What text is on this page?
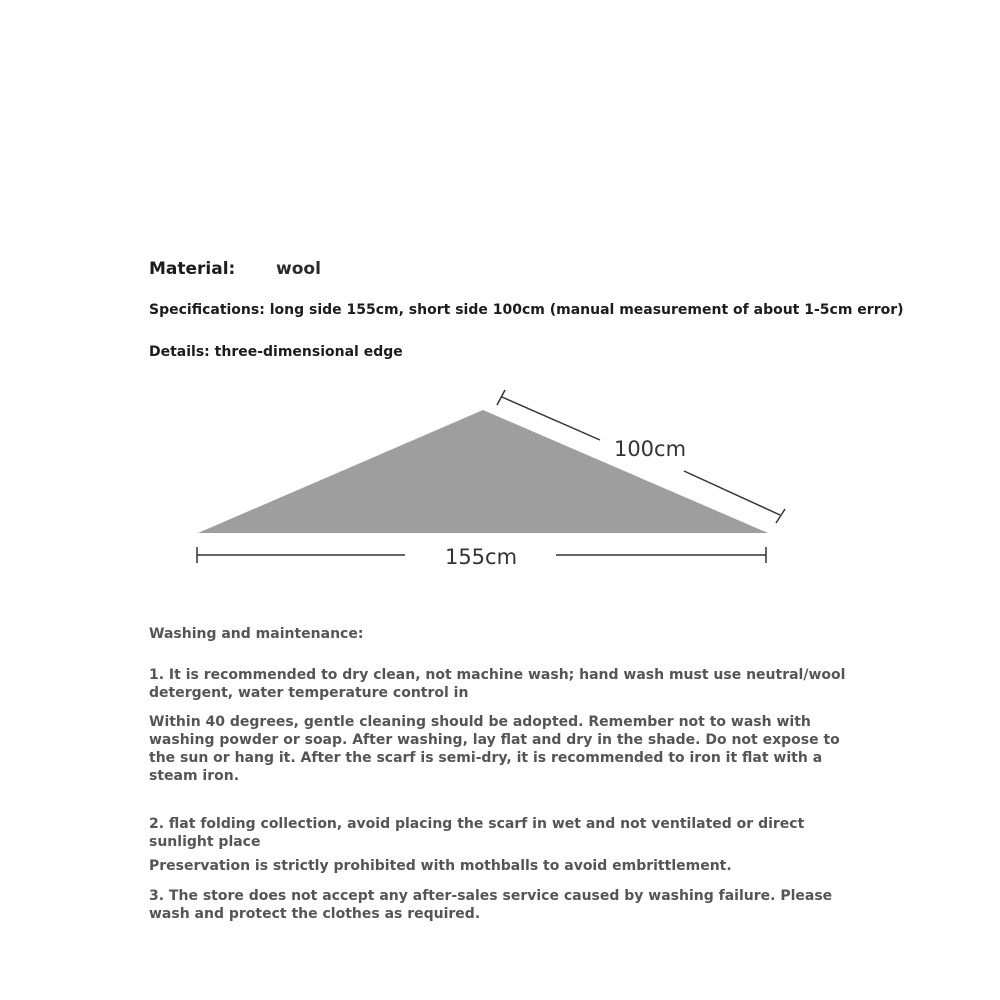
Material: wool
Specifications: long side 155cm, short side 100cm (manual measurement of about 1-5cm error)
Details: three-dimensional edge
155cm
100cm
Washing and maintenance:
1. It is recommended to dry clean, not machine wash; hand wash must use neutral/wool detergent, water temperature control in
Within 40 degrees, gentle cleaning should be adopted. Remember not to wash with washing powder or soap. After washing, lay flat and dry in the shade. Do not expose to the sun or hang it. After the scarf is semi-dry, it is recommended to iron it flat with a steam iron.
2. flat folding collection, avoid placing the scarf in wet and not ventilated or direct sunlight place
Preservation is strictly prohibited with mothballs to avoid embrittlement.
3. The store does not accept any after-sales service caused by washing failure. Please wash and protect the clothes as required.
